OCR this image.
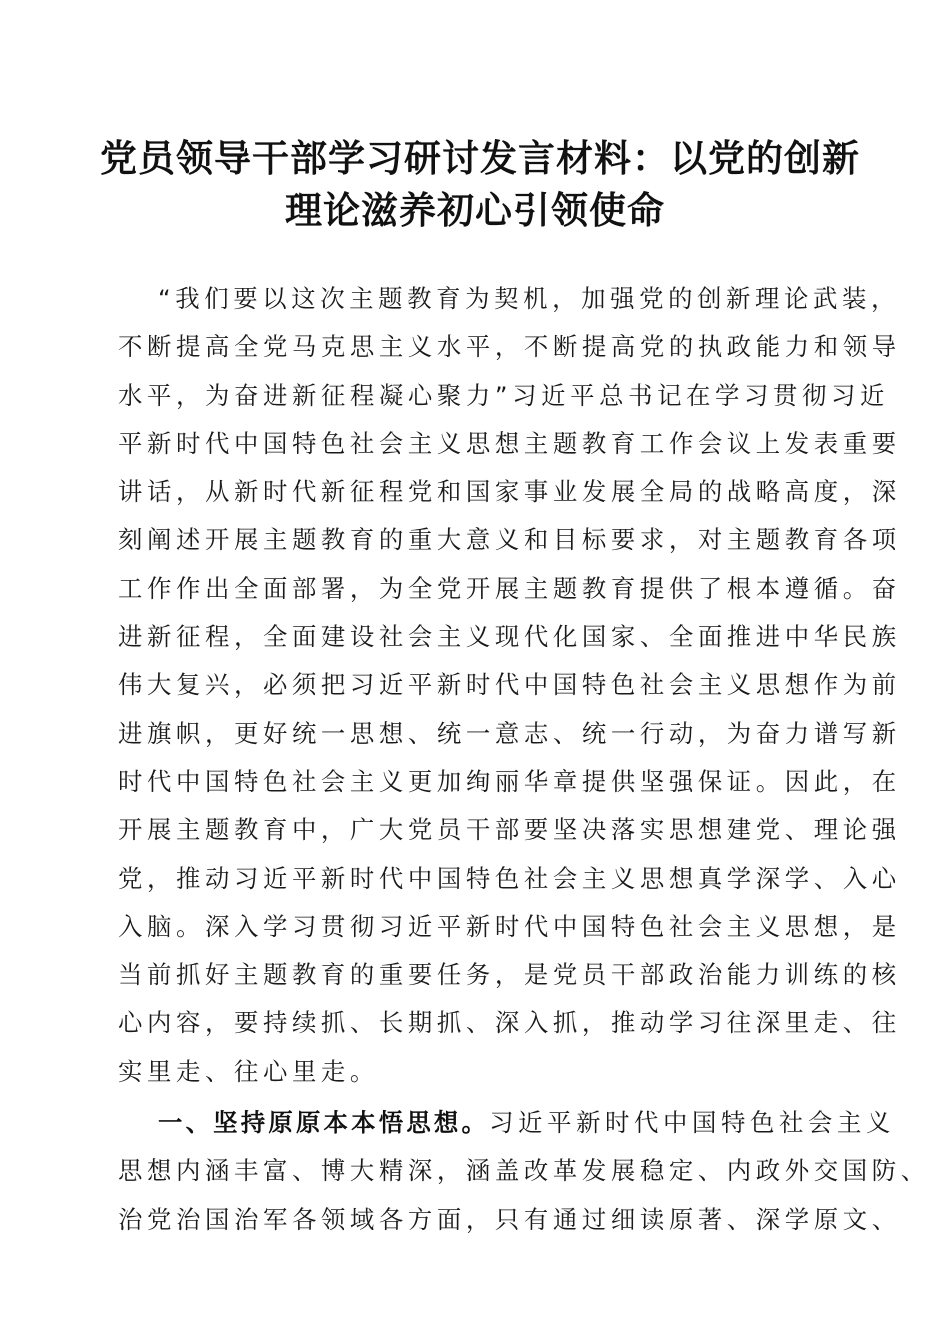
党员领导干部学习研讨发言材料：以党的创新
理论滋养初心引领使命
“我们要以这次主题教育为契机，加强党的创新理论武装，
不断提高全党马克思主义水平，不断提高党的执政能力和领导
水平，为奋进新征程凝心聚力”习近平总书记在学习贯彻习近
平新时代中国特色社会主义思想主题教育工作会议上发表重要
讲话，从新时代新征程党和国家事业发展全局的战略高度，深
刻阐述开展主题教育的重大意义和目标要求，对主题教育各项
工作作出全面部署，为全党开展主题教育提供了根本遵循。奋
进新征程，全面建设社会主义现代化国家、全面推进中华民族
伟大复兴，必须把习近平新时代中国特色社会主义思想作为前
进旗帜，更好统一思想、统一意志、统一行动，为奋力谱写新
时代中国特色社会主义更加绚丽华章提供坚强保证。因此，在
开展主题教育中，广大党员干部要坚决落实思想建党、理论强
党，推动习近平新时代中国特色社会主义思想真学深学、入心
入脑。深入学习贯彻习近平新时代中国特色社会主义思想，是
当前抓好主题教育的重要任务，是党员干部政治能力训练的核
心内容，要持续抓、长期抓、深入抓，推动学习往深里走、往
实里走、往心里走。
一、坚持原原本本悟思想。习近平新时代中国特色社会主义
思想内涵丰富、博大精深，涵盖改革发展稳定、内政外交国防、
治党治国治军各领域各方面，只有通过细读原著、深学原文、
